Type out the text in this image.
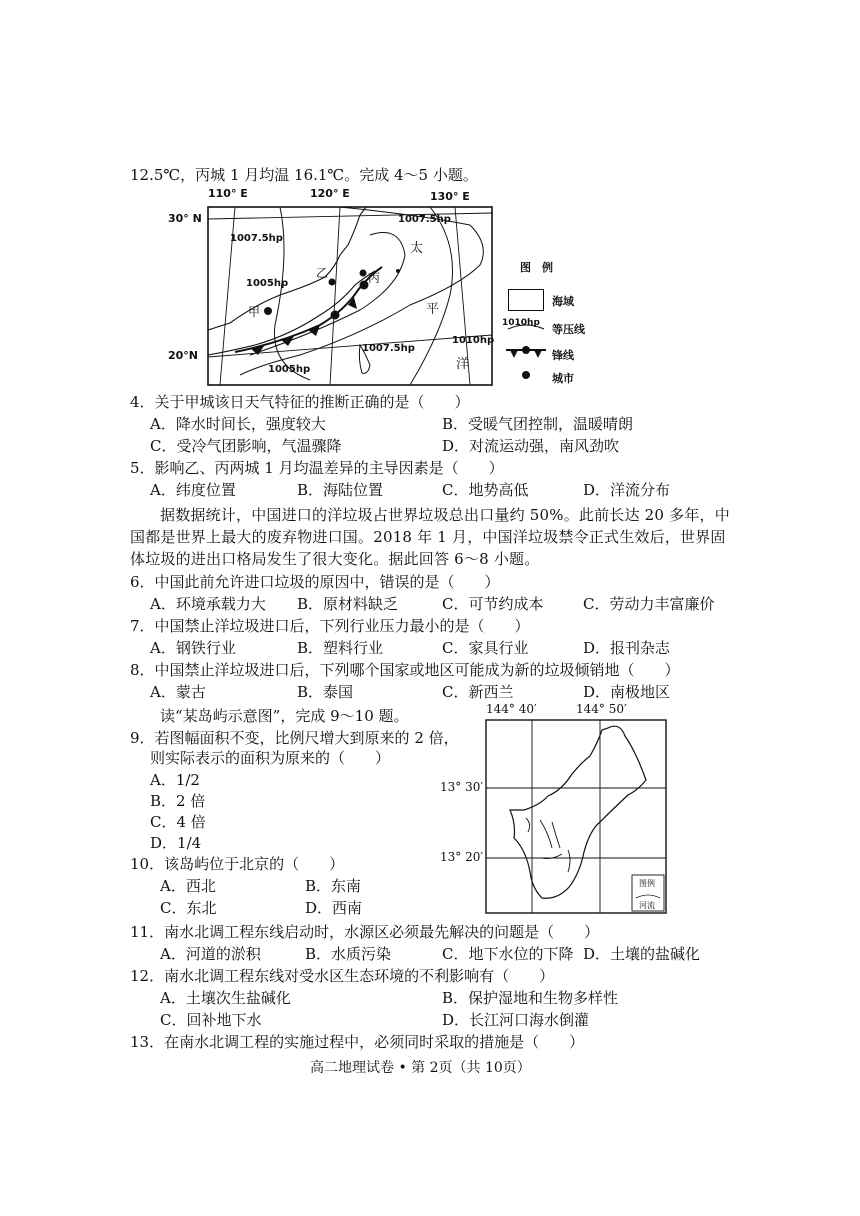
12.5℃，丙城 1 月均温 16.1℃。完成 4～5 小题。
110° E	120° E	130° E
30° N
20°N
1007.5hp
1007.5hp
1005hp
1010hp
1007.5hp
1005hp
甲
乙	丙
太
平
洋
图　例
海域
1010hp 等压线
锋线
城市
4．关于甲城该日天气特征的推断正确的是（　　）
A．降水时间长，强度较大	B．受暖气团控制，温暖晴朗
C．受冷气团影响，气温骤降	D．对流运动强，南风劲吹
5．影响乙、丙两城 1 月均温差异的主导因素是（　　）
A．纬度位置	B．海陆位置	C．地势高低	D．洋流分布
据数据统计，中国进口的洋垃圾占世界垃圾总出口量约 50%。此前长达 20 多年，中国都是世界上最大的废弃物进口国。2018 年 1 月，中国洋垃圾禁令正式生效后，世界固体垃圾的进出口格局发生了很大变化。据此回答 6～8 小题。
6．中国此前允许进口垃圾的原因中，错误的是（　　）
A．环境承载力大 B．原材料缺乏	C．可节约成本	C．劳动力丰富廉价
7．中国禁止洋垃圾进口后，下列行业压力最小的是（　　）
A．钢铁行业	B．塑料行业	C．家具行业	D．报刊杂志
8．中国禁止洋垃圾进口后，下列哪个国家或地区可能成为新的垃圾倾销地（　　）
A．蒙古	B．泰国	C．新西兰	D．南极地区
读“某岛屿示意图”，完成 9～10 题。
9．若图幅面积不变，比例尺增大到原来的 2 倍，
则实际表示的面积为原来的（　　）
A．1/2
B．2 倍
C．4 倍
D．1/4
10．该岛屿位于北京的（　　）
A．西北	B．东南
C．东北	D．西南
144° 40′	144° 50′
13° 30′
13° 20′
图例
河流
11．南水北调工程东线启动时，水源区必须最先解决的问题是（　　）
A．河道的淤积	B．水质污染	C．地下水位的下降 D．土壤的盐碱化
12．南水北调工程东线对受水区生态环境的不利影响有（　　）
A．土壤次生盐碱化	B．保护湿地和生物多样性
C．回补地下水	D．长江河口海水倒灌
13．在南水北调工程的实施过程中，必须同时采取的措施是（　　）
高二地理试卷 • 第 2页（共 10页）
